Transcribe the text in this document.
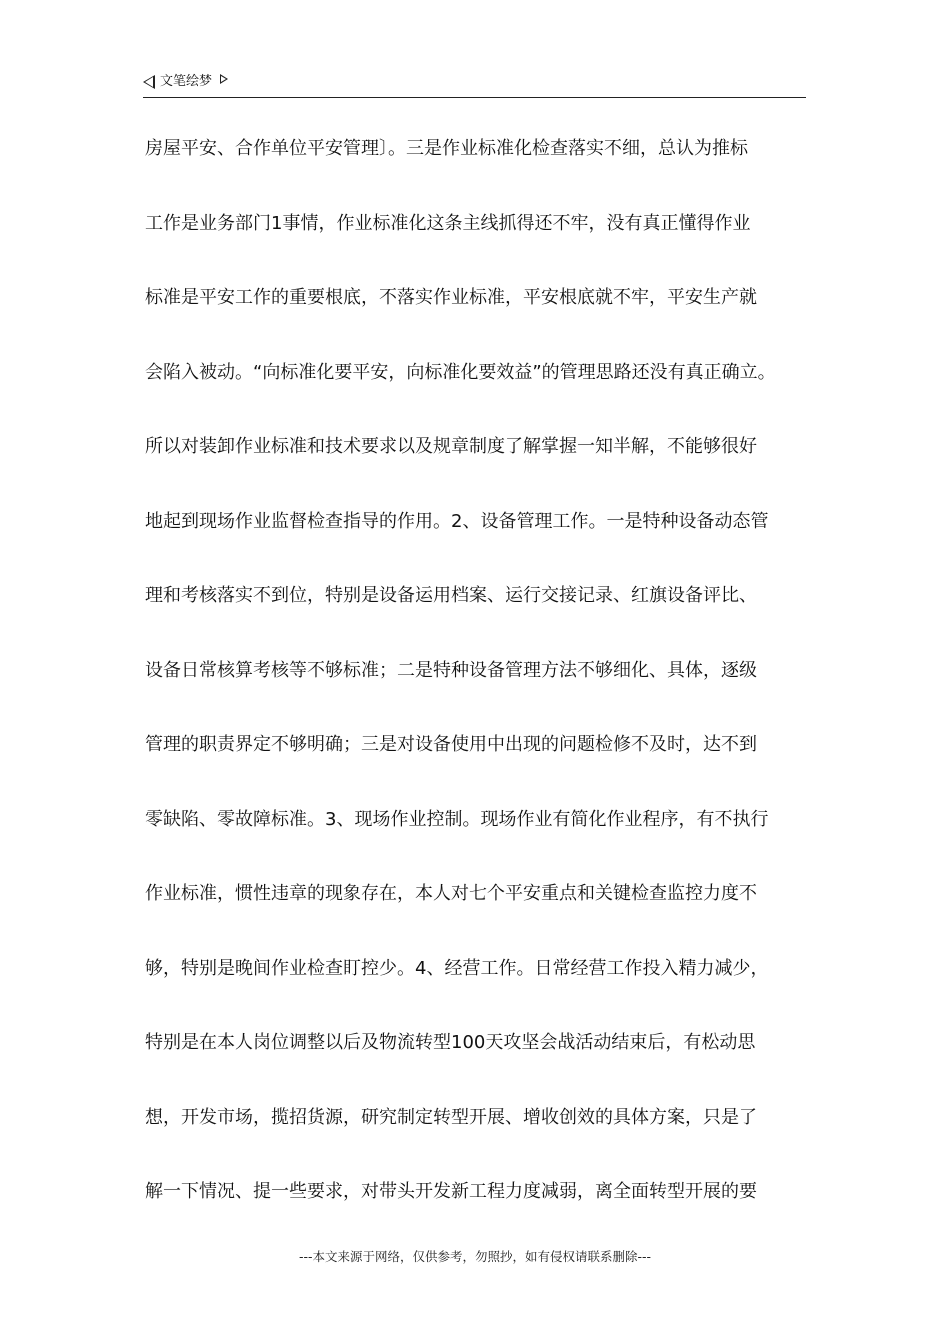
文笔绘梦
房屋平安、合作单位平安管理〕。三是作业标准化检查落实不细，总认为推标
工作是业务部门1事情，作业标准化这条主线抓得还不牢，没有真正懂得作业
标准是平安工作的重要根底，不落实作业标准，平安根底就不牢，平安生产就
会陷入被动。“向标准化要平安，向标准化要效益”的管理思路还没有真正确立。
所以对装卸作业标准和技术要求以及规章制度了解掌握一知半解，不能够很好
地起到现场作业监督检查指导的作用。2、设备管理工作。一是特种设备动态管
理和考核落实不到位，特别是设备运用档案、运行交接记录、红旗设备评比、
设备日常核算考核等不够标准；二是特种设备管理方法不够细化、具体，逐级
管理的职责界定不够明确；三是对设备使用中出现的问题检修不及时，达不到
零缺陷、零故障标准。3、现场作业控制。现场作业有简化作业程序，有不执行
作业标准，惯性违章的现象存在，本人对七个平安重点和关键检查监控力度不
够，特别是晚间作业检查盯控少。4、经营工作。日常经营工作投入精力减少，
特别是在本人岗位调整以后及物流转型100天攻坚会战活动结束后，有松动思
想，开发市场，揽招货源，研究制定转型开展、增收创效的具体方案，只是了
解一下情况、提一些要求，对带头开发新工程力度减弱，离全面转型开展的要
---本文来源于网络，仅供参考，勿照抄，如有侵权请联系删除---
